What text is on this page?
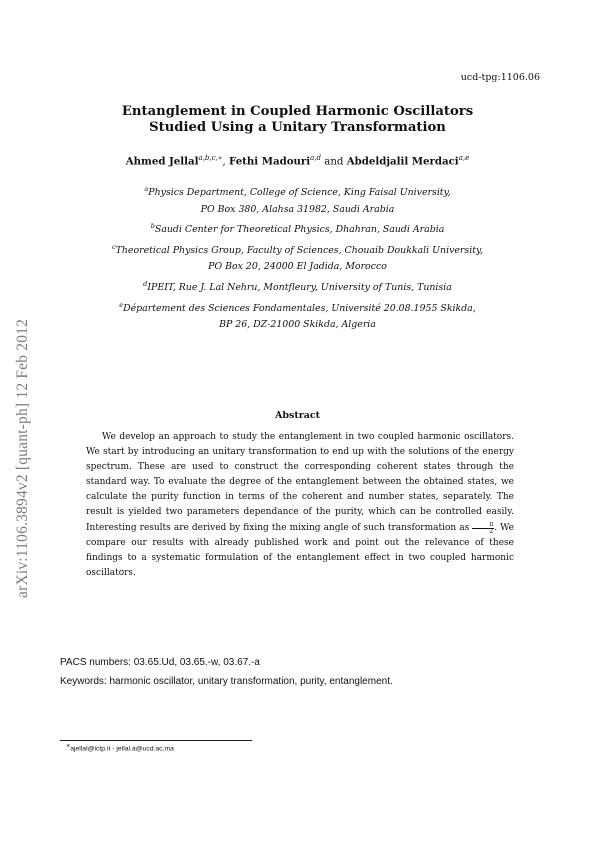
ucd-tpg:1106.06
arXiv:1106.3894v2 [quant-ph] 12 Feb 2012
Entanglement in Coupled Harmonic Oscillators
Studied Using a Unitary Transformation
Ahmed Jellal$^{a,b,c,∗}$, Fethi Madouri$^{a,d}$ and Abdeldjalil Merdaci$^{a,e}$
$^a$Physics Department, College of Science, King Faisal University,
PO Box 380, Alahsa 31982, Saudi Arabia
$^b$Saudi Center for Theoretical Physics, Dhahran, Saudi Arabia
$^c$Theoretical Physics Group, Faculty of Sciences, Chouaib Doukkali University,
PO Box 20, 24000 El Jadida, Morocco
$^d$IPEIT, Rue J. Lal Nehru, Montfleury, University of Tunis, Tunisia
$^e$Département des Sciences Fondamentales, Université 20.08.1955 Skikda,
BP 26, DZ-21000 Skikda, Algeria
Abstract

We develop an approach to study the entanglement in two coupled harmonic oscillators. We start by introducing an unitary transformation to end up with the solutions of the energy spectrum. These are used to construct the corresponding coherent states through the standard way. To evaluate the degree of the entanglement between the obtained states, we calculate the purity function in terms of the coherent and number states, separately. The result is yielded two parameters dependance of the purity, which can be controlled easily. Interesting results are derived by fixing the mixing angle of such transformation as $\frac{\pi}{2}$ . We compare our results with already published work and point out the relevance of these findings to a systematic formulation of the entanglement effect in two coupled harmonic oscillators.

PACS numbers: 03.65.Ud, 03.65.-w, 03.67.-a
Keywords: harmonic oscillator, unitary transformation, purity, entanglement.
∗ajellal@ictp.it - jellal.a@ucd.ac.ma
